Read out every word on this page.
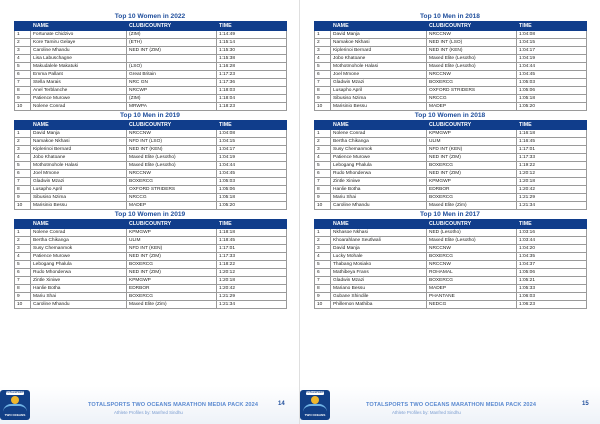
Top 10 Women in 2022
	NAME	CLUB/COUNTRY	TIME
1	Fortunate Chidzivo	(ZIM)	1:14:49
2	Kore Tamiru Gelaye	(ETH)	1:15:14
3	Caroline Mhandu	NED INT (ZIM)	1:15:30
4	Lisa Labuschagne		1:15:38
5	Makudalele Makatuki	(LSO)	1:16:28
6	Emma Pallant	Great Britain	1:17:23
7	Stella Marais	NRC GN	1:17:36
8	Anel Terblanche	NRCWP	1:18:03
9	Patience Murowe	(ZIM)	1:18:04
10	Nolene Conrad	MRWPA	1:18:23
Top 10 Men in 2019
	NAME	CLUB/COUNTRY	TIME
1	David Manja	NRCCNW	1:04:08
2	Namakoe Nkhasi	NFD INT (LSO)	1:04:15
3	Kiplerinoi Bernard	NED INT (KEN)	1:04:17
4	Jobo Khatoane	Maxed Elite (Lesotho)	1:04:19
5	Mothotmohole Halasi	Maxed Elite (Lesotho)	1:04:44
6	Joel Mmone	NRCCNW	1:04:45
7	Gladwin Mzazi	BOXERCG	1:05:03
8	Lusapho April	OXFORD STRIDERS	1:05:06
9	Sibusiso Nzima	NRCCG	1:05:18
10	Marisinio Bessu	MADEP	1:05:20
Top 10 Women in 2019
	NAME	CLUB/COUNTRY	TIME
1	Nolene Conrad	KPMGWP	1:18:18
2	Bertha Chikanga	ULIM	1:18:45
3	Susy Chemanmok	NFD INT (KEN)	1:17:01
4	Patience Murowe	NED INT (ZIM)	1:17:33
5	Lebogang Phalula	BOXERCG	1:18:22
6	Rudo Mhonderwa	NED INT (ZIM)	1:20:12
7	Zintle Xiniwe	KPMGWP	1:20:18
8	Hanlie Botha	EDRBOR	1:20:42
9	Mariu Shai	BOXERCG	1:21:29
10	Caroline Mhandu	Maxed Elite (Zim)	1:21:34
TOTALSPORTS
TWO OCEANS
TOTALSPORTS TWO OCEANS MARATHON MEDIA PACK 2024
Athlete Profiles by: Manfred Sindhu
14
Top 10 Men in 2018
	NAME	CLUB/COUNTRY	TIME
1	David Manja	NRCCNW	1:04:08
2	Namakoe Nkhasi	NED INT (LSO)	1:04:15
3	Kiplerinoi Bernard	NED INT (KEN)	1:04:17
4	Jobo Khatoane	Maxed Elite (Lesotho)	1:04:19
5	Mothotmohole Halasi	Maxed Elite (Lesotho)	1:04:44
6	Joel Mmone	NRCCNW	1:04:45
7	Gladwin Mzazi	BOXERCG	1:05:03
8	Lusapho April	OXFORD STRIDERS	1:05:06
9	Sibusiso Nzima	NRCCG	1:05:18
10	Marisinio Bessu	MADEP	1:05:20
Top 10 Women in 2018
	NAME	CLUB/COUNTRY	TIME
1	Nolene Conrad	KPMGWP	1:16:18
2	Bertha Chikanga	ULIM	1:16:45
3	Susy Chemanmok	NFD INT (KEN)	1:17:01
4	Patience Murowe	NED INT (ZIM)	1:17:33
5	Lebogang Phalula	BOXERCG	1:19:22
6	Rudo Mhonderwa	NED INT (ZIM)	1:20:12
7	Zintle Xiniwe	KPMGWP	1:20:18
8	Hanlie Botha	EDRBOR	1:20:42
9	Mariu Shai	BOXERCG	1:21:29
10	Caroline Mhandu	Maxed Elite (Zim)	1:21:34
Top 10 Men in 2017
	NAME	CLUB/COUNTRY	TIME
1	Nkhasoe Nkhasi	NED (Lesotho)	1:03:16
2	Khoarahlane Seutlwali	Maxed Elite (Lesotho)	1:03:44
3	David Manja	NRCCNW	1:04:20
4	Lucky Mohale	BOXERCG	1:04:35
5	Thabang Mosiako	NRCCNW	1:04:37
6	Mathibeya Frans	ROHAMAL	1:05:06
7	Gladwin Mzazi	BOXERCG	1:05:21
8	Mariano Bessu	MADEP	1:05:33
9	Gubane Shindile	PHANTANE	1:06:03
10	Phillemon Mathiba	NEDCG	1:06:23
TOTALSPORTS
TWO OCEANS
TOTALSPORTS TWO OCEANS MARATHON MEDIA PACK 2024
Athlete Profiles by: Manfred Sindhu
15
